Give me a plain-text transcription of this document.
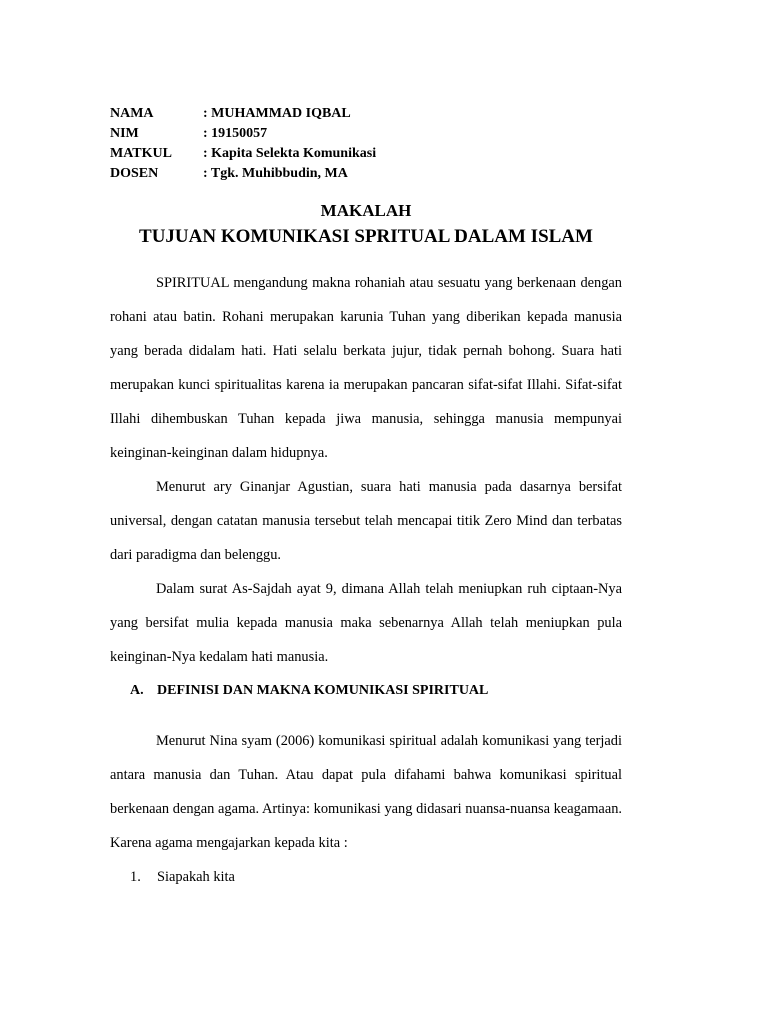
NAMA	: MUHAMMAD IQBAL
NIM	: 19150057
MATKUL	: Kapita Selekta Komunikasi
DOSEN	: Tgk. Muhibbudin, MA
MAKALAH
TUJUAN KOMUNIKASI SPRITUAL DALAM ISLAM

SPIRITUAL mengandung makna rohaniah atau sesuatu yang berkenaan dengan rohani atau batin. Rohani merupakan karunia Tuhan yang diberikan kepada manusia yang berada didalam hati. Hati selalu berkata jujur, tidak pernah bohong. Suara hati merupakan kunci spiritualitas karena ia merupakan pancaran sifat-sifat Illahi. Sifat-sifat Illahi dihembuskan Tuhan kepada jiwa manusia, sehingga manusia mempunyai keinginan-keinginan dalam hidupnya.

Menurut ary Ginanjar Agustian, suara hati manusia pada dasarnya bersifat universal, dengan catatan manusia tersebut telah mencapai titik Zero Mind dan terbatas dari paradigma dan belenggu.

Dalam surat As-Sajdah ayat 9, dimana Allah telah meniupkan ruh ciptaan-Nya yang bersifat mulia kepada manusia maka sebenarnya Allah telah meniupkan pula keinginan-Nya kedalam hati manusia.

A. DEFINISI DAN MAKNA KOMUNIKASI SPIRITUAL

Menurut Nina syam (2006) komunikasi spiritual adalah komunikasi yang terjadi antara manusia dan Tuhan. Atau dapat pula difahami bahwa komunikasi spiritual berkenaan dengan agama. Artinya: komunikasi yang didasari nuansa-nuansa keagamaan. Karena agama mengajarkan kepada kita :

1. Siapakah kita
